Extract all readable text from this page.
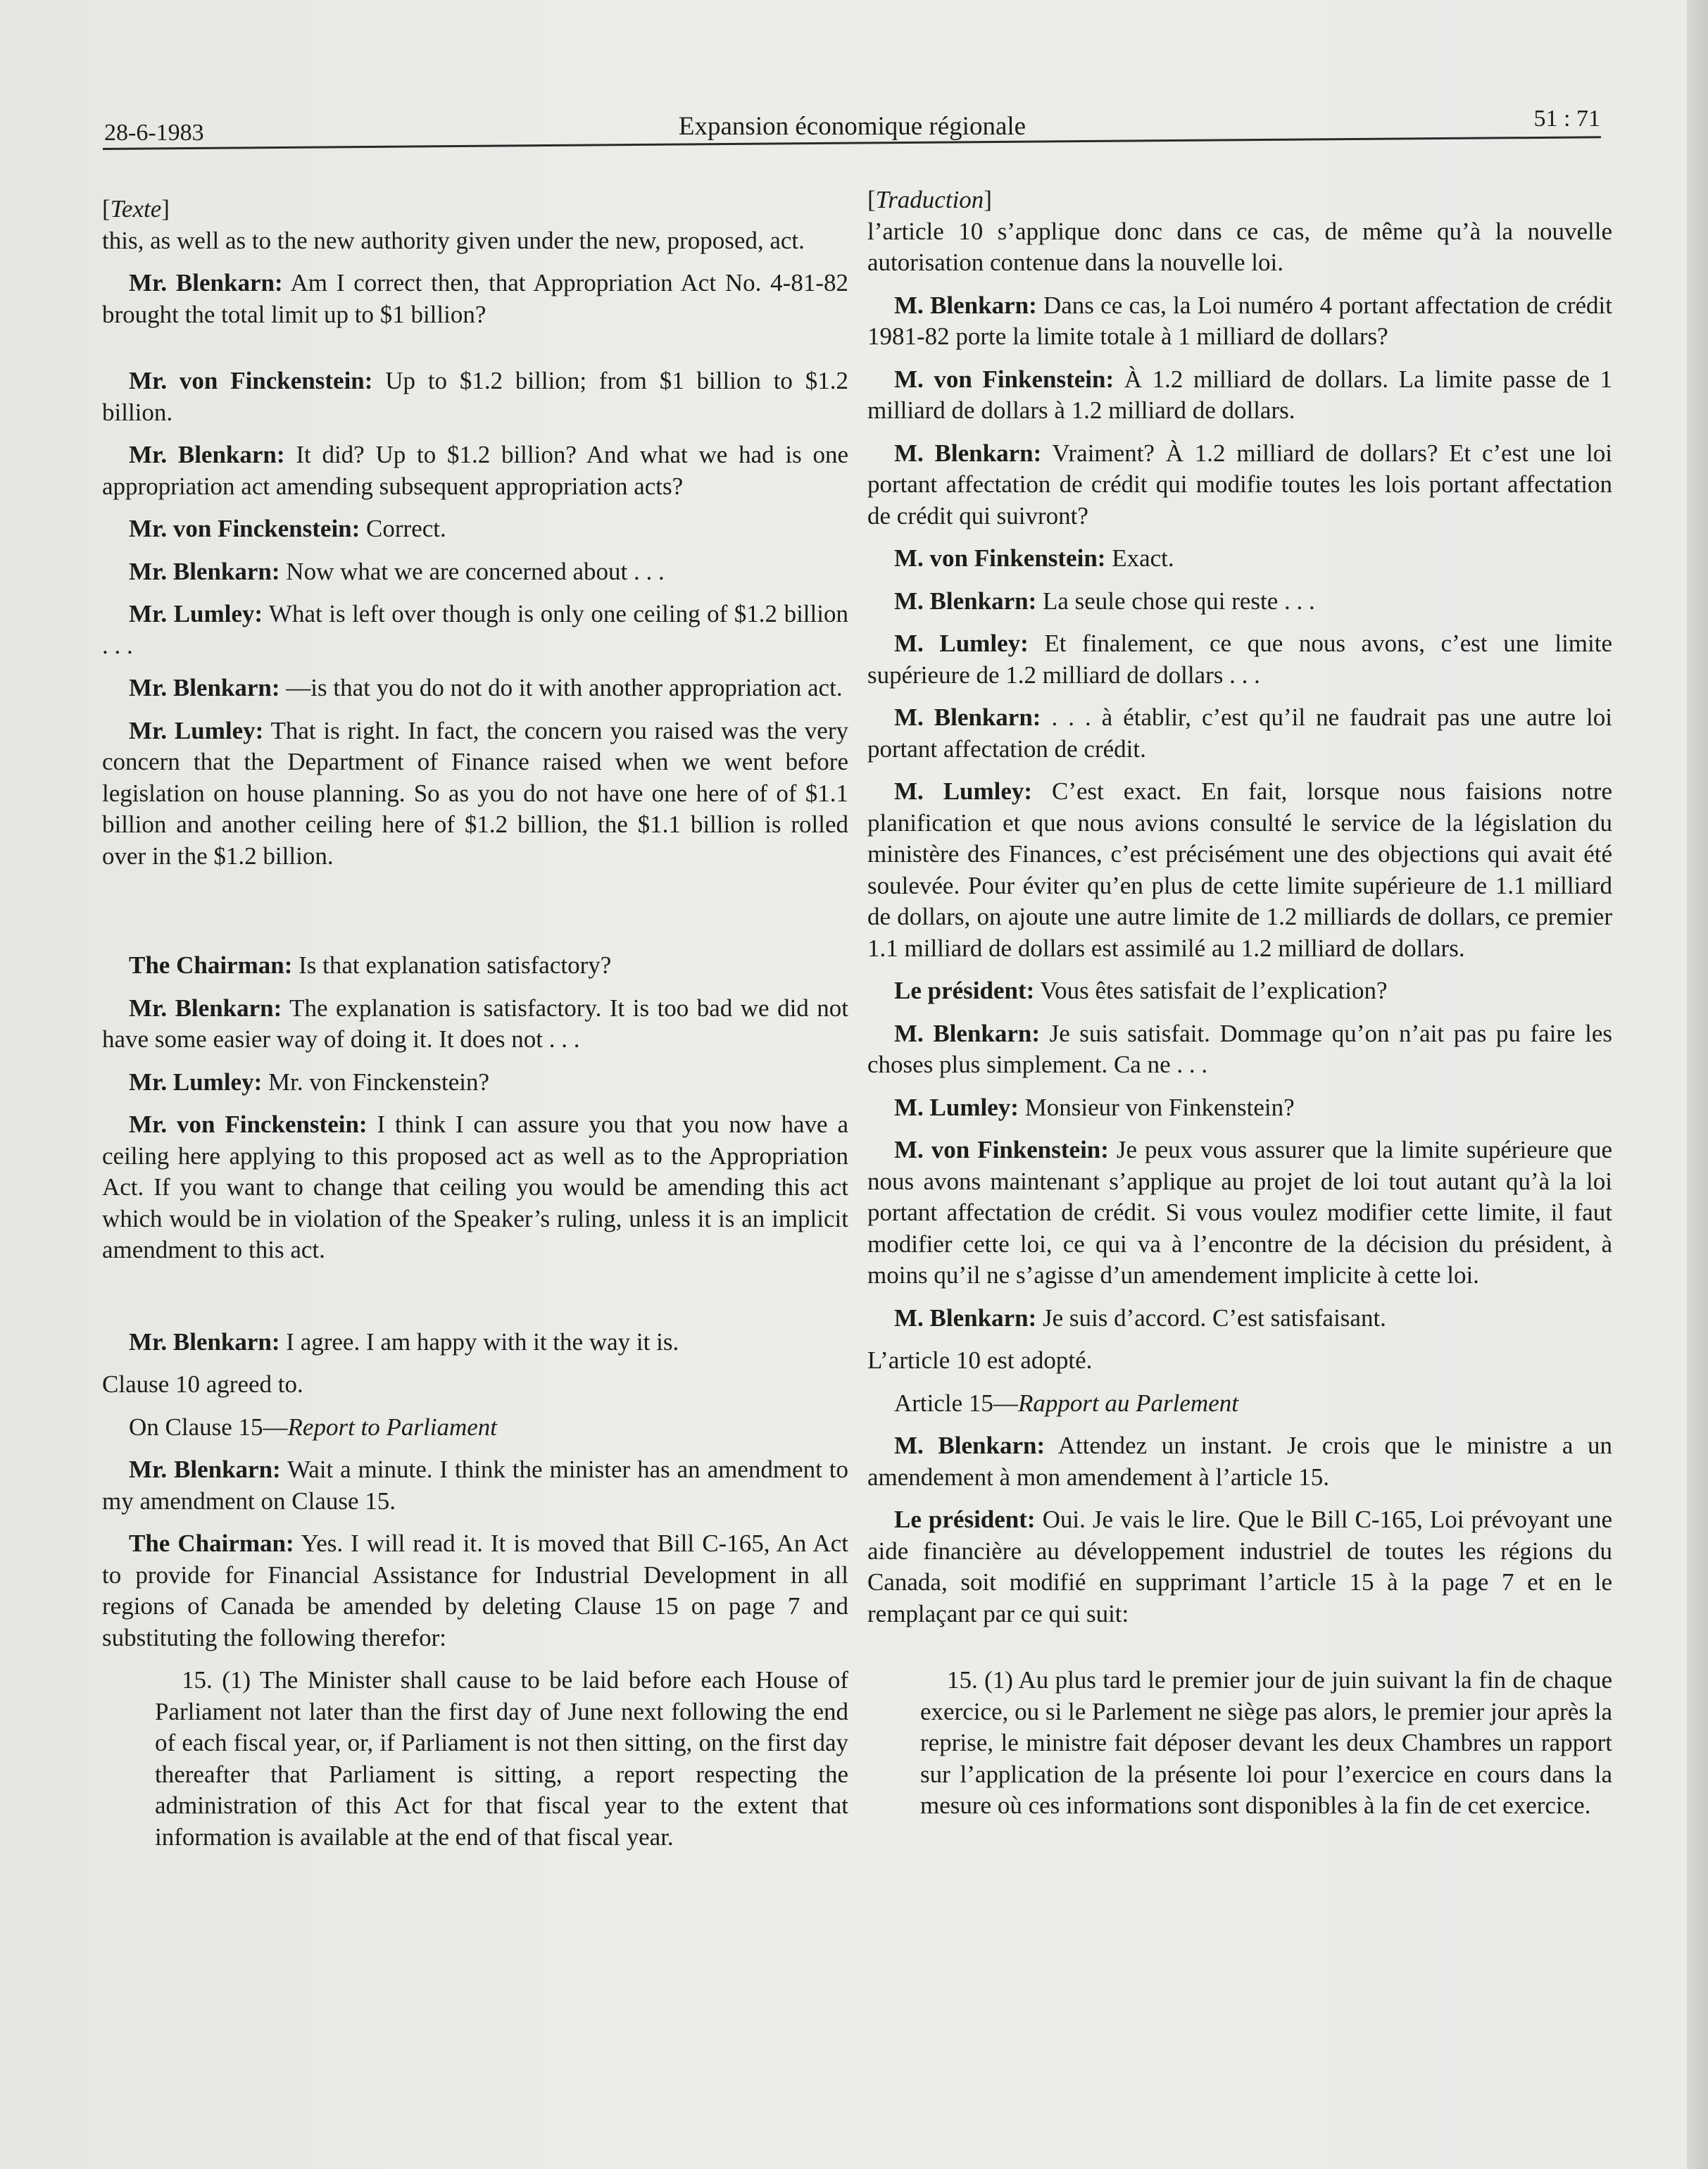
28-6-1983	Expansion économique régionale	51 : 71

[Texte]

this, as well as to the new authority given under the new, proposed, act.

Mr. Blenkarn: Am I correct then, that Appropriation Act No. 4-81-82 brought the total limit up to $1 billion?

Mr. von Finckenstein: Up to $1.2 billion; from $1 billion to $1.2 billion.

Mr. Blenkarn: It did? Up to $1.2 billion? And what we had is one appropriation act amending subsequent appropriation acts?

Mr. von Finckenstein: Correct.

Mr. Blenkarn: Now what we are concerned about . . .

Mr. Lumley: What is left over though is only one ceiling of $1.2 billion . . .

Mr. Blenkarn: —is that you do not do it with another appropriation act.

Mr. Lumley: That is right. In fact, the concern you raised was the very concern that the Department of Finance raised when we went before legislation on house planning. So as you do not have one here of of $1.1 billion and another ceiling here of $1.2 billion, the $1.1 billion is rolled over in the $1.2 billion.

The Chairman: Is that explanation satisfactory?

Mr. Blenkarn: The explanation is satisfactory. It is too bad we did not have some easier way of doing it. It does not . . .

Mr. Lumley: Mr. von Finckenstein?

Mr. von Finckenstein: I think I can assure you that you now have a ceiling here applying to this proposed act as well as to the Appropriation Act. If you want to change that ceiling you would be amending this act which would be in violation of the Speaker’s ruling, unless it is an implicit amendment to this act.

Mr. Blenkarn: I agree. I am happy with it the way it is.

Clause 10 agreed to.

On Clause 15—Report to Parliament

Mr. Blenkarn: Wait a minute. I think the minister has an amendment to my amendment on Clause 15.

The Chairman: Yes. I will read it. It is moved that Bill C-165, An Act to provide for Financial Assistance for Industrial Development in all regions of Canada be amended by deleting Clause 15 on page 7 and substituting the following therefor:

15. (1) The Minister shall cause to be laid before each House of Parliament not later than the first day of June next following the end of each fiscal year, or, if Parliament is not then sitting, on the first day thereafter that Parliament is sitting, a report respecting the administration of this Act for that fiscal year to the extent that information is available at the end of that fiscal year.

[Traduction]

l’article 10 s’applique donc dans ce cas, de même qu’à la nouvelle autorisation contenue dans la nouvelle loi.

M. Blenkarn: Dans ce cas, la Loi numéro 4 portant affectation de crédit 1981-82 porte la limite totale à 1 milliard de dollars?

M. von Finkenstein: À 1.2 milliard de dollars. La limite passe de 1 milliard de dollars à 1.2 milliard de dollars.

M. Blenkarn: Vraiment? À 1.2 milliard de dollars? Et c’est une loi portant affectation de crédit qui modifie toutes les lois portant affectation de crédit qui suivront?

M. von Finkenstein: Exact.

M. Blenkarn: La seule chose qui reste . . .

M. Lumley: Et finalement, ce que nous avons, c’est une limite supérieure de 1.2 milliard de dollars . . .

M. Blenkarn: . . . à établir, c’est qu’il ne faudrait pas une autre loi portant affectation de crédit.

M. Lumley: C’est exact. En fait, lorsque nous faisions notre planification et que nous avions consulté le service de la législation du ministère des Finances, c’est précisément une des objections qui avait été soulevée. Pour éviter qu’en plus de cette limite supérieure de 1.1 milliard de dollars, on ajoute une autre limite de 1.2 milliards de dollars, ce premier 1.1 milliard de dollars est assimilé au 1.2 milliard de dollars.

Le président: Vous êtes satisfait de l’explication?

M. Blenkarn: Je suis satisfait. Dommage qu’on n’ait pas pu faire les choses plus simplement. Ca ne . . .

M. Lumley: Monsieur von Finkenstein?

M. von Finkenstein: Je peux vous assurer que la limite supérieure que nous avons maintenant s’applique au projet de loi tout autant qu’à la loi portant affectation de crédit. Si vous voulez modifier cette limite, il faut modifier cette loi, ce qui va à l’encontre de la décision du président, à moins qu’il ne s’agisse d’un amendement implicite à cette loi.

M. Blenkarn: Je suis d’accord. C’est satisfaisant.

L’article 10 est adopté.

Article 15—Rapport au Parlement

M. Blenkarn: Attendez un instant. Je crois que le ministre a un amendement à mon amendement à l’article 15.

Le président: Oui. Je vais le lire. Que le Bill C-165, Loi prévoyant une aide financière au développement industriel de toutes les régions du Canada, soit modifié en supprimant l’article 15 à la page 7 et en le remplaçant par ce qui suit:

15. (1) Au plus tard le premier jour de juin suivant la fin de chaque exercice, ou si le Parlement ne siège pas alors, le premier jour après la reprise, le ministre fait déposer devant les deux Chambres un rapport sur l’application de la présente loi pour l’exercice en cours dans la mesure où ces informations sont disponibles à la fin de cet exercice.
